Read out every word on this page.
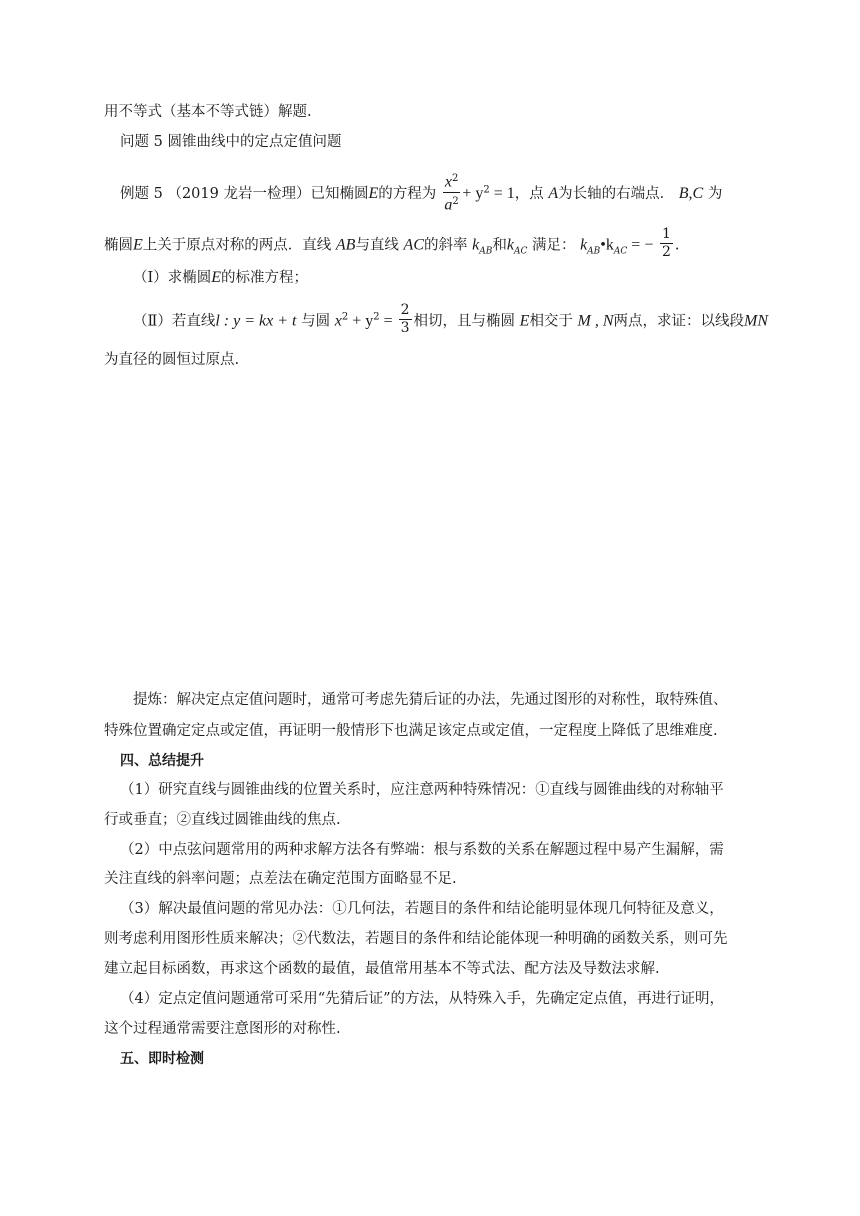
用不等式（基本不等式链）解题.
问题 5 圆锥曲线中的定点定值问题
例题 5 （2019 龙岩一检理）已知椭圆E的方程为 $\frac{x^2}{a^2} + y^2 = 1$，点 A为长轴的右端点． B,C 为
椭圆E上关于原点对称的两点．直线 AB与直线 AC的斜率 $k_{AB}$和$k_{AC}$ 满足： $k_{AB}•k_{AC}$ = − $\frac{1}{2}$ .
（Ⅰ）求椭圆E的标准方程；
（Ⅱ）若直线l : y = kx + t 与圆 $x^2 + y^2 = \frac{2}{3}$ 相切，且与椭圆 E相交于 M , N两点，求证：以线段MN
为直径的圆恒过原点.
提炼：解决定点定值问题时，通常可考虑先猜后证的办法，先通过图形的对称性，取特殊值、
特殊位置确定定点或定值，再证明一般情形下也满足该定点或定值，一定程度上降低了思维难度.
四、总结提升
（1）研究直线与圆锥曲线的位置关系时，应注意两种特殊情况：①直线与圆锥曲线的对称轴平
行或垂直；②直线过圆锥曲线的焦点.
（2）中点弦问题常用的两种求解方法各有弊端：根与系数的关系在解题过程中易产生漏解，需
关注直线的斜率问题；点差法在确定范围方面略显不足.
（3）解决最值问题的常见办法：①几何法，若题目的条件和结论能明显体现几何特征及意义，
则考虑利用图形性质来解决；②代数法，若题目的条件和结论能体现一种明确的函数关系，则可先
建立起目标函数，再求这个函数的最值，最值常用基本不等式法、配方法及导数法求解.
（4）定点定值问题通常可采用“先猜后证”的方法，从特殊入手，先确定定点值，再进行证明，
这个过程通常需要注意图形的对称性.
五、即时检测
